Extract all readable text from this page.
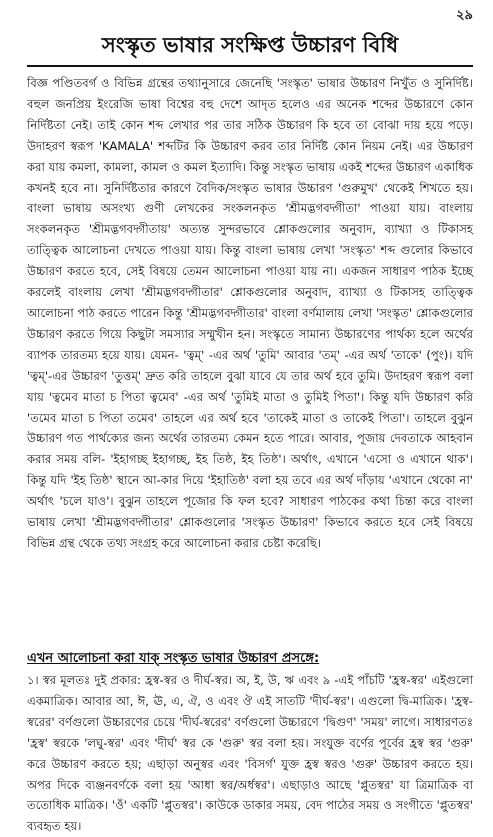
২৯
সংস্কৃত ভাষার সংক্ষিপ্ত উচ্চারণ বিধি

বিজ্ঞ পণ্ডিতবর্গ ও বিভিন্ন গ্রন্থের তথ্যানুসারে জেনেছি 'সংস্কৃত' ভাষার উচ্চারণ নিখুঁত ও সুনির্দিষ্ট। বহুল জনপ্রিয় ইংরেজি ভাষা বিশ্বের বহু দেশে আদৃত হলেও এর অনেক শব্দের উচ্চারণে কোন নির্দিষ্টতা নেই। তাই কোন শব্দ লেখার পর তার সঠিক উচ্চারণ কি হবে তা বোঝা দায় হয়ে পড়ে। উদাহরণ স্বরূপ 'KAMALA' শব্দটির কি উচ্চারণ করব তার নির্দিষ্ট কোন নিয়ম নেই। এর উচ্চারণ করা যায় কমলা, কামলা, কামল ও কমল ইত্যাদি। কিন্তু সংস্কৃত ভাষায় একই শব্দের উচ্চারণ একাধিক কখনই হবে না। সুনির্দিষ্টতার কারণে বৈদিক/সংস্কৃত ভাষার উচ্চারণ 'গুরুমুখ' থেকেই শিখতে হয়। বাংলা ভাষায় অসংখ্য গুণী লেখকের সংকলনকৃত 'শ্রীমদ্ভগবদ্গীতা' পাওয়া যায়। বাংলায় সংকলনকৃত 'শ্রীমদ্ভগবদ্গীতায়' অত্যন্ত সুন্দরভাবে শ্লোকগুলোর অনুবাদ, ব্যাখ্যা ও টিকাসহ তাত্ত্বিক আলোচনা দেখতে পাওয়া যায়। কিন্তু বাংলা ভাষায় লেখা 'সংস্কৃত' শব্দ গুলোর কিভাবে উচ্চারণ করতে হবে, সেই বিষয়ে তেমন আলোচনা পাওয়া যায় না। একজন সাধারণ পাঠক ইচ্ছে করলেই বাংলায় লেখা 'শ্রীমদ্ভগবদ্গীতার' শ্লোকগুলোর অনুবাদ, ব্যাখ্যা ও টিকাসহ তাত্ত্বিক আলোচনা পাঠ করতে পারেন কিন্তু 'শ্রীমদ্ভগবদ্গীতার' বাংলা বর্ণমালায় লেখা 'সংস্কৃত' শ্লোকগুলোর উচ্চারণ করতে গিয়ে কিছুটা সমস্যার সম্মুখীন হন। সংস্কৃতে সামান্য উচ্চারণের পার্থক্য হলে অর্থের ব্যাপক তারতম্য হয়ে যায়। যেমন- 'ত্বম্' -এর অর্থ 'তুমি' আবার 'তম্' -এর অর্থ 'তাকে' (পুং)। যদি 'ত্বম্'-এর উচ্চারণ 'তুত্তম্' দ্রুত করি তাহলে বুঝা যাবে যে তার অর্থ হবে তুমি। উদাহরণ স্বরূপ বলা যায় 'ত্বমেব মাতা চ পিতা ত্বমেব' -এর অর্থ 'তুমিই মাতা ও তুমিই পিতা'। কিন্তু যদি উচ্চারণ করি 'তমেব মাতা চ পিতা তমেব' তাহলে এর অর্থ হবে 'তাকেই মাতা ও তাকেই পিতা'। তাহলে বুঝুন উচ্চারণ গত পার্থক্যের জন্য অর্থের তারতম্য কেমন হতে পারে। আবার, পূজায় দেবতাকে আহবান করার সময় বলি- 'ইহাগচ্ছ ইহাগচ্ছ, ইহ তিষ্ঠ, ইহ তিষ্ঠ'। অর্থাৎ, এখানে 'এসো ও এখানে থাক'। কিন্তু যদি 'ইহ তিষ্ঠ' স্থানে আ-কার দিয়ে 'ইহাতিষ্ঠ' বলা হয় তবে এর অর্থ দাঁড়ায় 'এখানে থেকো না' অর্থাৎ 'চলে যাও'। বুঝুন তাহলে পূজোর কি ফল হবে? সাধারণ পাঠকের কথা চিন্তা করে বাংলা ভাষায় লেখা 'শ্রীমদ্ভগবদ্গীতার' শ্লোকগুলোর 'সংস্কৃত উচ্চারণ' কিভাবে করতে হবে সেই বিষয়ে বিভিন্ন গ্রন্থ থেকে তথ্য সংগ্রহ করে আলোচনা করার চেষ্টা করেছি।

এখন আলোচনা করা যাক্ সংস্কৃত ভাষার উচ্চারণ প্রসঙ্গে:

১। স্বর মূলতঃ দুই প্রকার: হ্রস্ব-স্বর ও দীর্ঘ-স্বর। অ, ই, উ, ঋ এবং ৯ -এই পাঁচটি 'হ্রস্ব-স্বর' এইগুলো একমাত্রিক। আবার আ, ঈ, ঊ, এ, ঐ, ও এবং ঔ এই সাতটি 'দীর্ঘ-স্বর'। এগুলো দ্বি-মাত্রিক। 'হ্রস্ব-স্বরের' বর্ণগুলো উচ্চারণের চেয়ে 'দীর্ঘ-স্বরের' বর্ণগুলো উচ্চারণে 'দ্বিগুণ' 'সময়' লাগে। সাধারণতঃ 'হ্রস্ব' স্বরকে 'লঘু-স্বর' এবং 'দীর্ঘ' স্বর কে 'গুরু' স্বর বলা হয়। সংযুক্ত বর্ণের পূর্বের হ্রস্ব স্বর 'গুরু' করে উচ্চারণ করতে হয়; এছাড়া অনুস্বর এবং 'বিসর্গ' যুক্ত হ্রস্ব স্বরও 'গুরু' উচ্চারণ করতে হয়। অপর দিকে ব্যঞ্জনবর্ণকে বলা হয় 'আধা স্বর/অর্ধস্বর'। এছাড়াও আছে 'প্লুতস্বর' যা ত্রিমাত্রিক বা ততোধিক মাত্রিক। 'ওঁ' একটি 'প্লুতস্বর'। কাউকে ডাকার সময়, বেদ পাঠের সময় ও সংগীতে 'প্লুতস্বর' ব্যবহৃত হয়।
